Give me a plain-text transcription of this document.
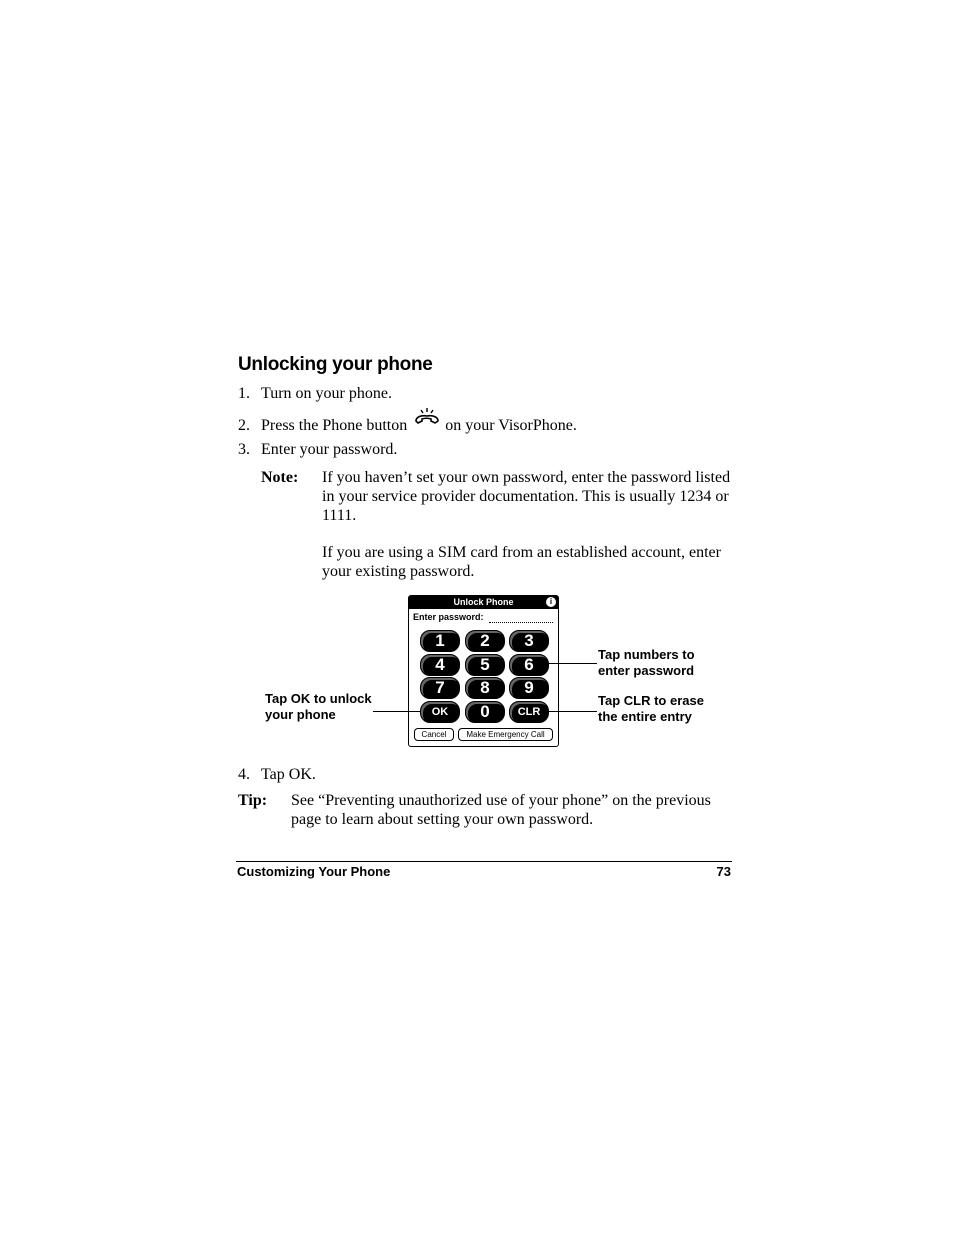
Unlocking your phone
1. Turn on your phone.
2. Press the Phone button on your VisorPhone.
3. Enter your password.
Note: If you haven’t set your own password, enter the password listed in your service provider documentation. This is usually 1234 or 1111.
If you are using a SIM card from an established account, enter your existing password.
Unlock Phone	i
Enter password:
1	2	3
4	5	6
7	8	9
OK	0	CLR
Cancel	Make Emergency Call
Tap OK to unlock
your phone
Tap numbers to
enter password
Tap CLR to erase
the entire entry
4. Tap OK.
Tip: See “Preventing unauthorized use of your phone” on the previous page to learn about setting your own password.
Customizing Your Phone	73
